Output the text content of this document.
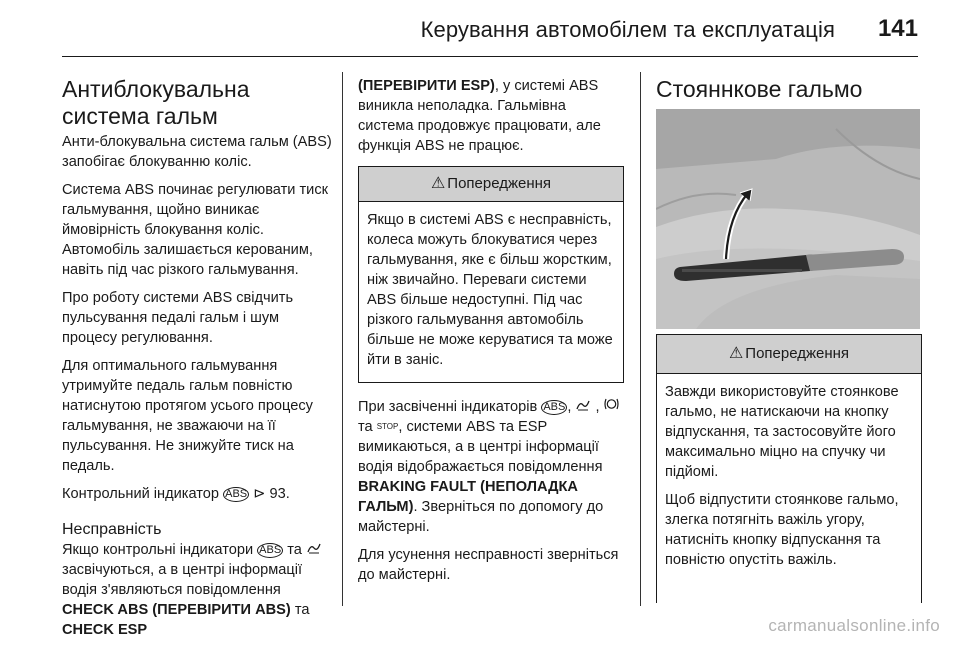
Керування автомобілем та експлуатація 141
Антиблокувальна
система гальм

Анти-блокувальна система гальм (ABS) запобігає блокуванню коліс.

Система ABS починає регулювати тиск гальмування, щойно виникає ймовірність блокування коліс. Автомобіль залишається керованим, навіть під час різкого гальмування.

Про роботу системи ABS свідчить пульсування педалі гальм і шум процесу регулювання.

Для оптимального гальмування утримуйте педаль гальм повністю натиснутою протягом усього процесу гальмування, не зважаючи на її пульсування. Не знижуйте тиск на педаль.

Контрольний індикатор ABS ⊳ 93.

Несправність

Якщо контрольні індикатори ABS та  засвічуються, а в центрі інформації водія з'являються повідомлення CHECK ABS (ПЕРЕВІРИТИ ABS) та CHECK ESP

(ПЕРЕВІРИТИ ESP), у системі ABS виникла неполадка. Гальмівна система продовжує працювати, але функція ABS не працює.

⚠ Попередження

Якщо в системі ABS є несправність, колеса можуть блокуватися через гальмування, яке є більш жорстким, ніж звичайно. Переваги системи ABS більше недоступні. Під час різкого гальмування автомобіль більше не може керуватися та може йти в заніс.

При засвіченні індикаторів ABS ,  ,  та STOP, системи ABS та ESP вимикаються, а в центрі інформації водія відображається повідомлення BRAKING FAULT (НЕПОЛАДКА ГАЛЬМ). Зверніться по допомогу до майстерні.

Для усунення несправності зверніться до майстерні.

Стояннкове гальмо
⚠ Попередження

Завжди використовуйте стоянкове гальмо, не натискаючи на кнопку відпускання, та застосовуйте його максимально міцно на спучку чи підйомі.

Щоб відпустити стоянкове гальмо, злегка потягніть важіль угору, натисніть кнопку відпускання та повністю опустіть важіль.

carmanualsonline.info
